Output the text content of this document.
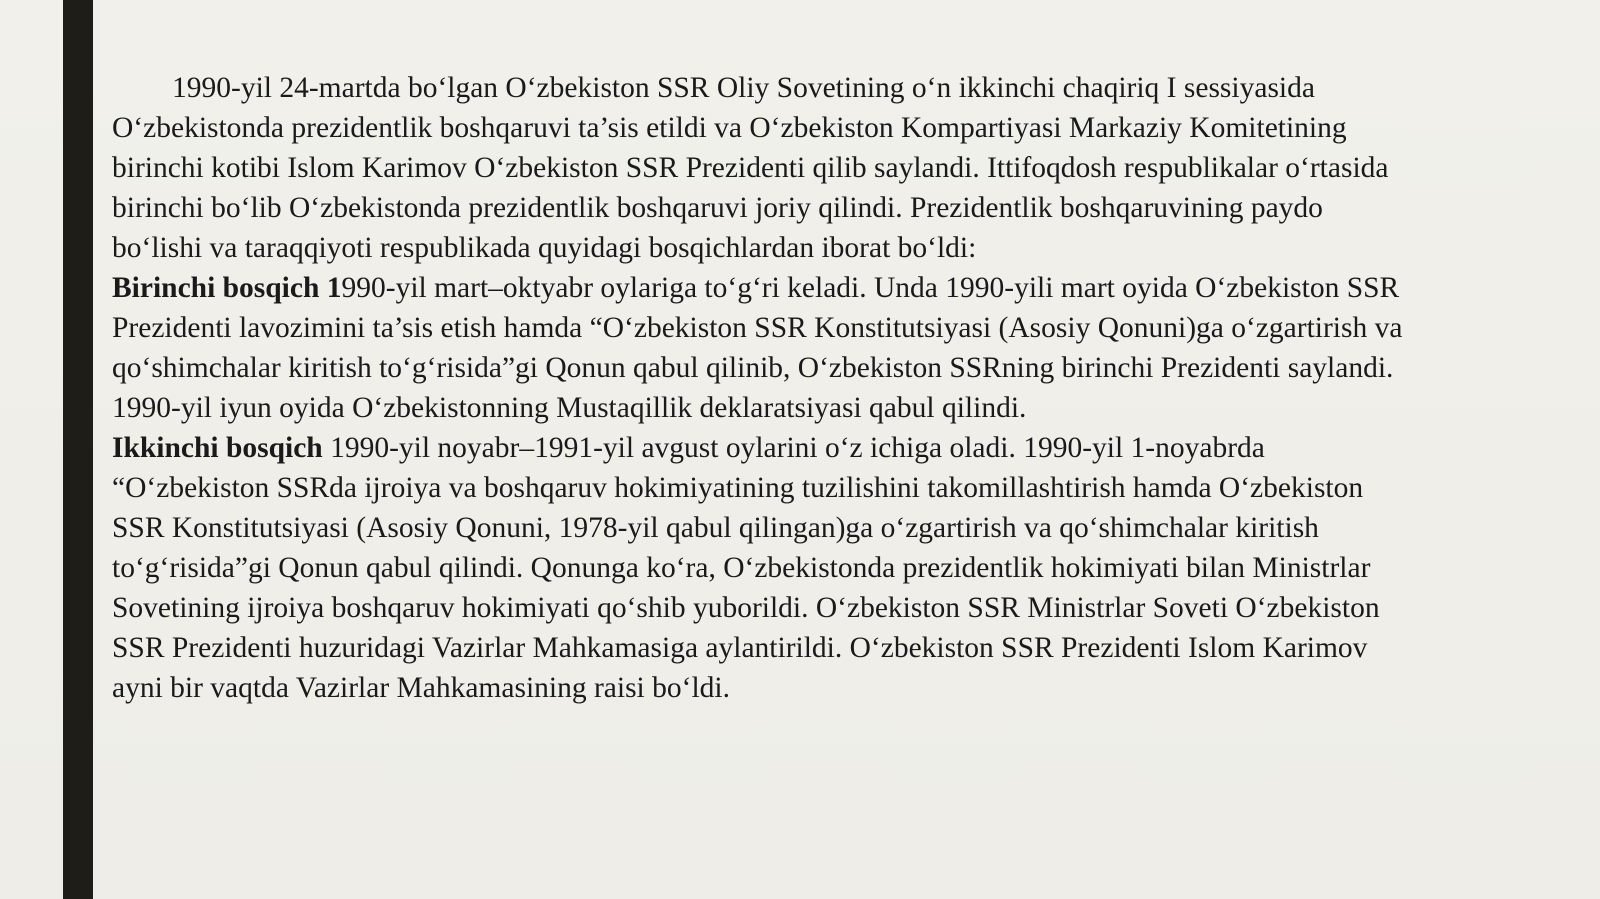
1990-yil 24-martda bo‘lgan O‘zbekiston SSR Oliy Sovetining o‘n ikkinchi chaqiriq I sessiyasida
O‘zbekistonda prezidentlik boshqaruvi ta’sis etildi va O‘zbekiston Kompartiyasi Markaziy Komitetining
birinchi kotibi Islom Karimov O‘zbekiston SSR Prezidenti qilib saylandi. Ittifoqdosh respublikalar o‘rtasida
birinchi bo‘lib O‘zbekistonda prezidentlik boshqaruvi joriy qilindi. Prezidentlik boshqaruvining paydo
bo‘lishi va taraqqiyoti respublikada quyidagi bosqichlardan iborat bo‘ldi:

Birinchi bosqich 1990-yil mart–oktyabr oylariga to‘g‘ri keladi. Unda 1990-yili mart oyida O‘zbekiston SSR
Prezidenti lavozimini ta’sis etish hamda “O‘zbekiston SSR Konstitutsiyasi (Asosiy Qonuni)ga o‘zgartirish va
qo‘shimchalar kiritish to‘g‘risida”gi Qonun qabul qilinib, O‘zbekiston SSRning birinchi Prezidenti saylandi.
1990-yil iyun oyida O‘zbekistonning Mustaqillik deklaratsiyasi qabul qilindi.

Ikkinchi bosqich 1990-yil noyabr–1991-yil avgust oylarini o‘z ichiga oladi. 1990-yil 1-noyabrda
“O‘zbekiston SSRda ijroiya va boshqaruv hokimiyatining tuzilishini takomillashtirish hamda O‘zbekiston
SSR Konstitutsiyasi (Asosiy Qonuni, 1978-yil qabul qilingan)ga o‘zgartirish va qo‘shimchalar kiritish
to‘g‘risida”gi Qonun qabul qilindi. Qonunga ko‘ra, O‘zbekistonda prezidentlik hokimiyati bilan Ministrlar
Sovetining ijroiya boshqaruv hokimiyati qo‘shib yuborildi. O‘zbekiston SSR Ministrlar Soveti O‘zbekiston
SSR Prezidenti huzuridagi Vazirlar Mahkamasiga aylantirildi. O‘zbekiston SSR Prezidenti Islom Karimov
ayni bir vaqtda Vazirlar Mahkamasining raisi bo‘ldi.
